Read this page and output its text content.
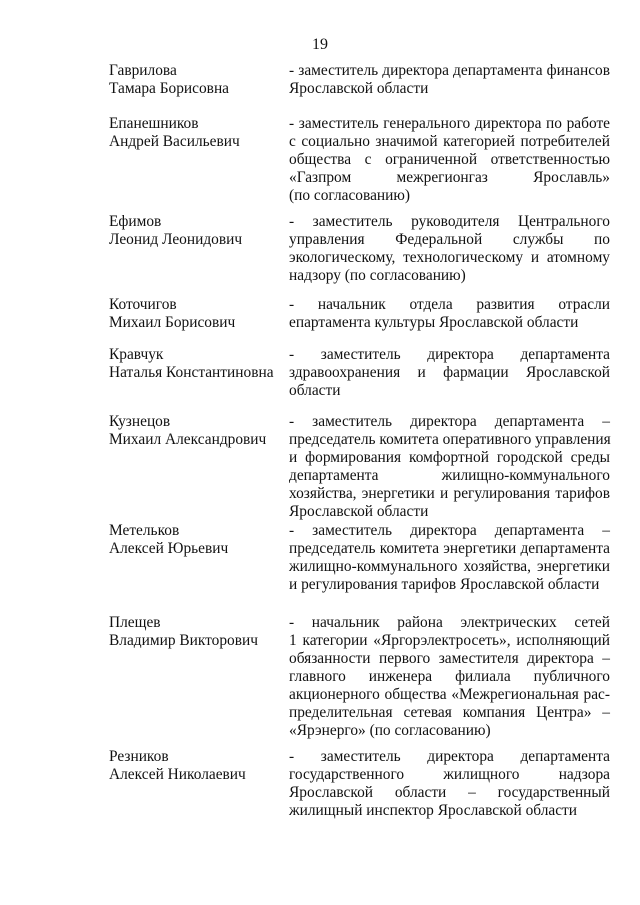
19
Гаврилова
Тамара Борисовна
- заместитель директора департамента финансов
Ярославской области
Епанешников
Андрей Васильевич
- заместитель генерального директора по работе
с социально значимой категорией потребителей
общества с ограниченной ответственностью
«Газпром межрегионгаз Ярославль»
(по согласованию)
Ефимов
Леонид Леонидович
- заместитель руководителя Центрального
управления Федеральной службы по
экологическому, технологическому и атомному
надзору (по согласованию)
Коточигов
Михаил Борисович
- начальник отдела развития отрасли
епартамента культуры Ярославской области
Кравчук
Наталья Константиновна
- заместитель директора департамента
здравоохранения и фармации Ярославской
области
Кузнецов
Михаил Александрович
- заместитель директора департамента –
председатель комитета оперативного управления
и формирования комфортной городской среды
департамента жилищно-коммунального
хозяйства, энергетики и регулирования тарифов
Ярославской области
Метельков
Алексей Юрьевич
- заместитель директора департамента –
председатель комитета энергетики департамента
жилищно-коммунального хозяйства, энергетики
и регулирования тарифов Ярославской области
Плещев
Владимир Викторович
- начальник района электрических сетей
1 категории «Яргорэлектросеть», исполняющий
обязанности первого заместителя директора –
главного инженера филиала публичного
акционерного общества «Межрегиональная рас-
пределительная сетевая компания Центра» –
«Ярэнерго» (по согласованию)
Резников
Алексей Николаевич
- заместитель директора департамента
государственного жилищного надзора
Ярославской области – государственный
жилищный инспектор Ярославской области
